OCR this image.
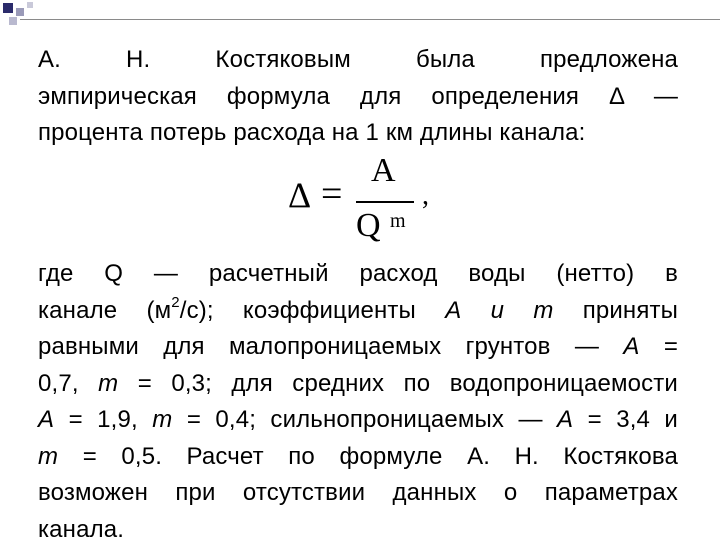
А. Н. Костяковым была предложена
эмпирическая формула для определения Δ —
процента потерь расхода на 1 км длины канала:
Δ =
A
Q m
,
где Q — расчетный расход воды (нетто) в
канале $(м^2/с)$; коэффициенты A и m приняты
равными для малопроницаемых грунтов — A =
0,7, m = 0,3; для средних по водопроницаемости
A = 1,9, m = 0,4; сильнопроницаемых — A = 3,4 и
m = 0,5. Расчет по формуле А. Н. Костякова
возможен при отсутствии данных о параметрах
канала.
